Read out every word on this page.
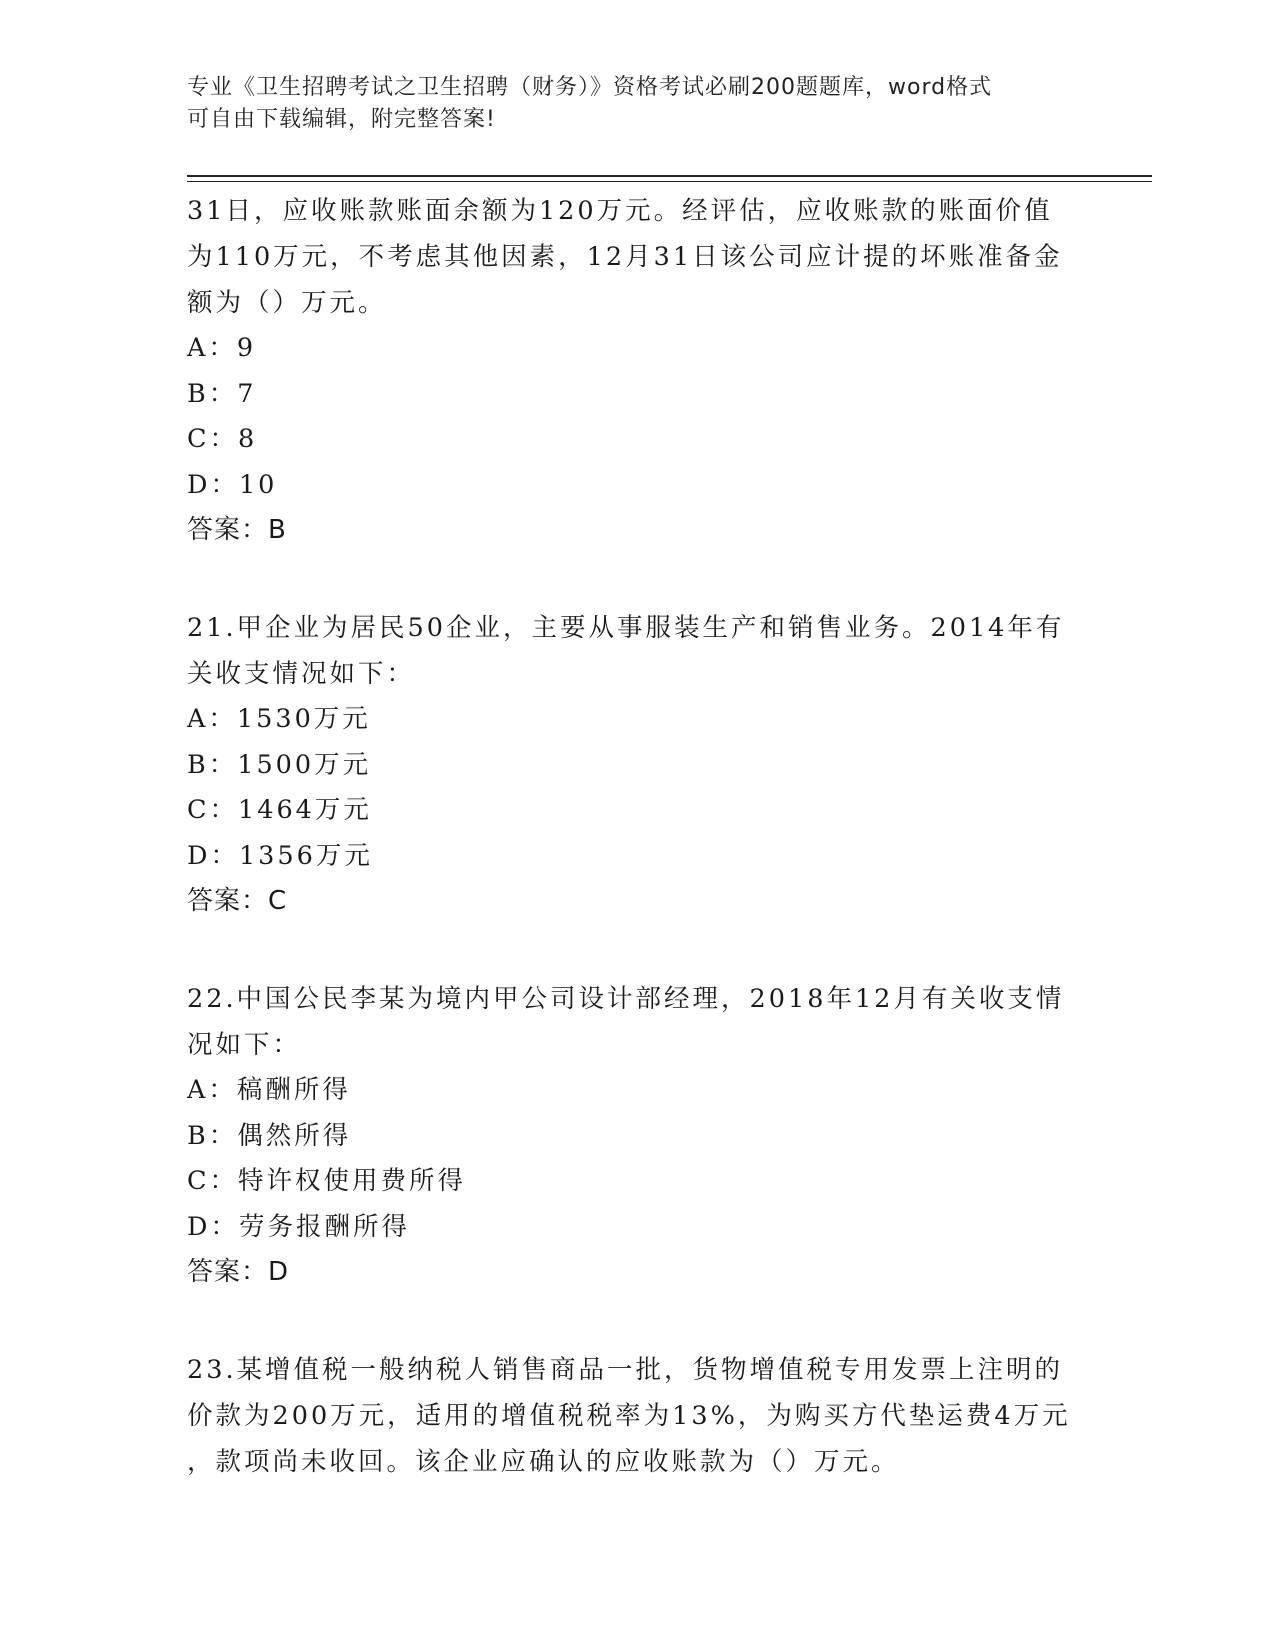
专业《卫生招聘考试之卫生招聘（财务）》资格考试必刷200题题库，word格式
可自由下载编辑，附完整答案!

31日，应收账款账面余额为120万元。经评估，应收账款的账面价值

为110万元，不考虑其他因素，12月31日该公司应计提的坏账准备金

额为（）万元。

A：9

B：7

C：8

D：10

答案：B

21.甲企业为居民50企业，主要从事服装生产和销售业务。2014年有

关收支情况如下：

A：1530万元

B：1500万元

C：1464万元

D：1356万元

答案：C

22.中国公民李某为境内甲公司设计部经理，2018年12月有关收支情

况如下：

A：稿酬所得

B：偶然所得

C：特许权使用费所得

D：劳务报酬所得

答案：D

23.某增值税一般纳税人销售商品一批，货物增值税专用发票上注明的

价款为200万元，适用的增值税税率为13%，为购买方代垫运费4万元

，款项尚未收回。该企业应确认的应收账款为（）万元。
